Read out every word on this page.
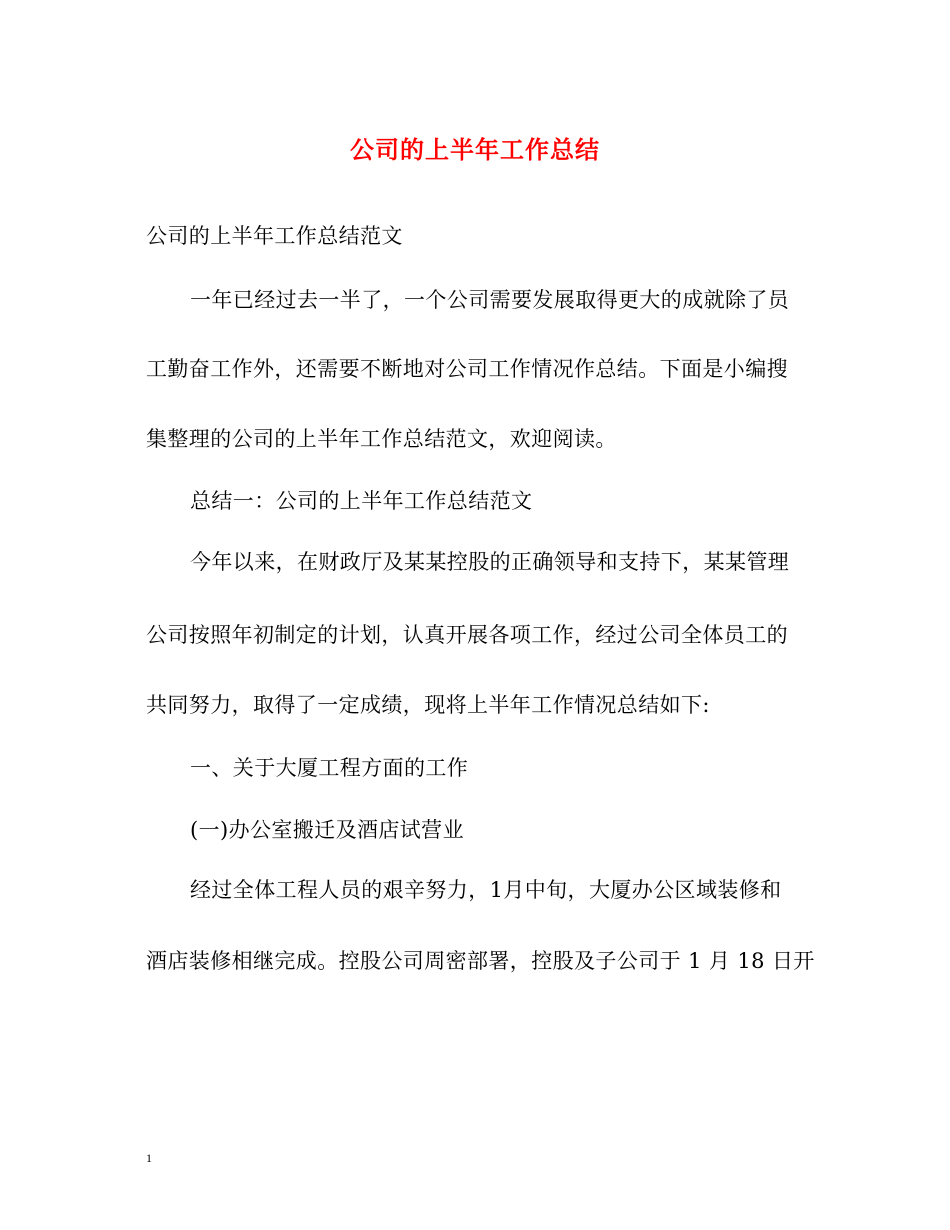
公司的上半年工作总结
公司的上半年工作总结范文
一年已经过去一半了，一个公司需要发展取得更大的成就除了员
工勤奋工作外，还需要不断地对公司工作情况作总结。下面是小编搜
集整理的公司的上半年工作总结范文，欢迎阅读。
总结一：公司的上半年工作总结范文
今年以来，在财政厅及某某控股的正确领导和支持下，某某管理
公司按照年初制定的计划，认真开展各项工作，经过公司全体员工的
共同努力，取得了一定成绩，现将上半年工作情况总结如下:
一、关于大厦工程方面的工作
(一)办公室搬迁及酒店试营业
经过全体工程人员的艰辛努力，1月中旬，大厦办公区域装修和
酒店装修相继完成。控股公司周密部署，控股及子公司于 1 月 18 日开
1
